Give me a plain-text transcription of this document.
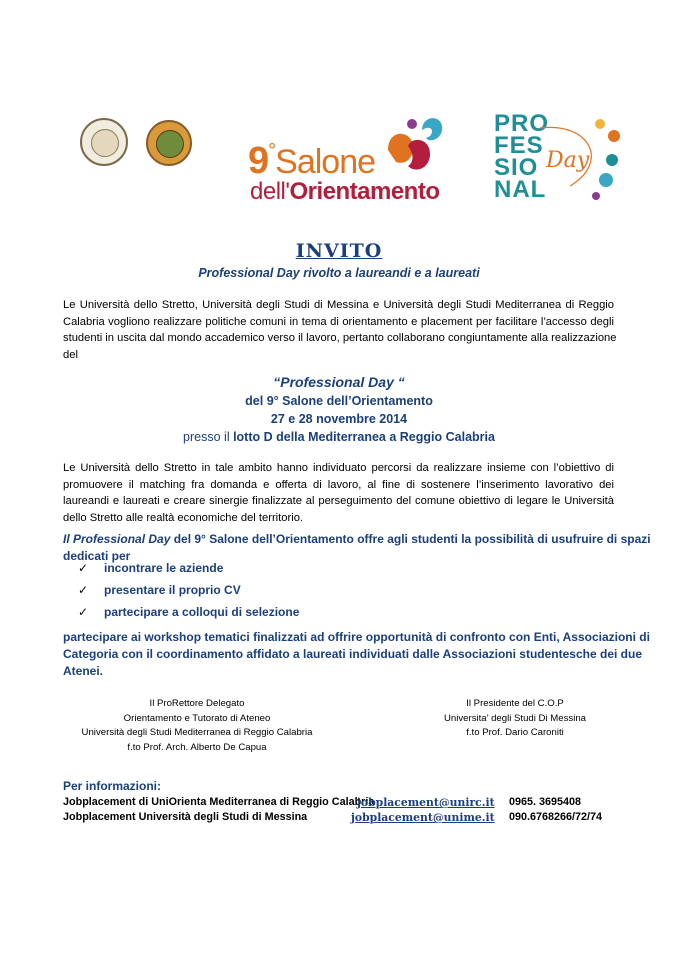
9°Salone
dell'Orientamento
PRO
FES
SIO
NAL
Day
INVITO
Professional Day rivolto a laureandi e a laureati
Le Università dello Stretto, Università degli Studi di Messina e Università degli Studi Mediterranea di Reggio
Calabria vogliono realizzare politiche comuni in tema di orientamento e placement per facilitare l’accesso degli
studenti in uscita dal mondo accademico verso il lavoro, pertanto collaborano congiuntamente alla realizzazione
del
“Professional Day “
del 9° Salone dell’Orientamento
27 e 28 novembre 2014
presso il lotto D della Mediterranea a Reggio Calabria
Le Università dello Stretto in tale ambito hanno individuato percorsi da realizzare insieme con l’obiettivo di
promuovere il matching fra domanda e offerta di lavoro, al fine di sostenere l’inserimento lavorativo dei
laureandi e laureati e creare sinergie finalizzate al perseguimento del comune obiettivo di legare le Università
dello Stretto alle realtà economiche del territorio.
Il Professional Day del 9° Salone dell’Orientamento offre agli studenti la possibilità di usufruire di spazi
dedicati per
✓ incontrare le aziende
✓ presentare il proprio CV
✓ partecipare a colloqui di selezione
partecipare ai workshop tematici finalizzati ad offrire opportunità di confronto con Enti, Associazioni di
Categoria con il coordinamento affidato a laureati individuati dalle Associazioni studentesche dei due
Atenei.
Il ProRettore Delegato
Orientamento e Tutorato di Ateneo
Università degli Studi Mediterranea di Reggio Calabria
f.to Prof. Arch. Alberto De Capua
Il Presidente del C.O.P
Universita’ degli Studi Di Messina
f.to Prof. Dario Caroniti
Per informazioni:
Jobplacement di UniOrienta Mediterranea di Reggio Calabria
jobplacement@unirc.it 0965. 3695408
Jobplacement Università degli Studi di Messina	jobplacement@unime.it 090.6768266/72/74
